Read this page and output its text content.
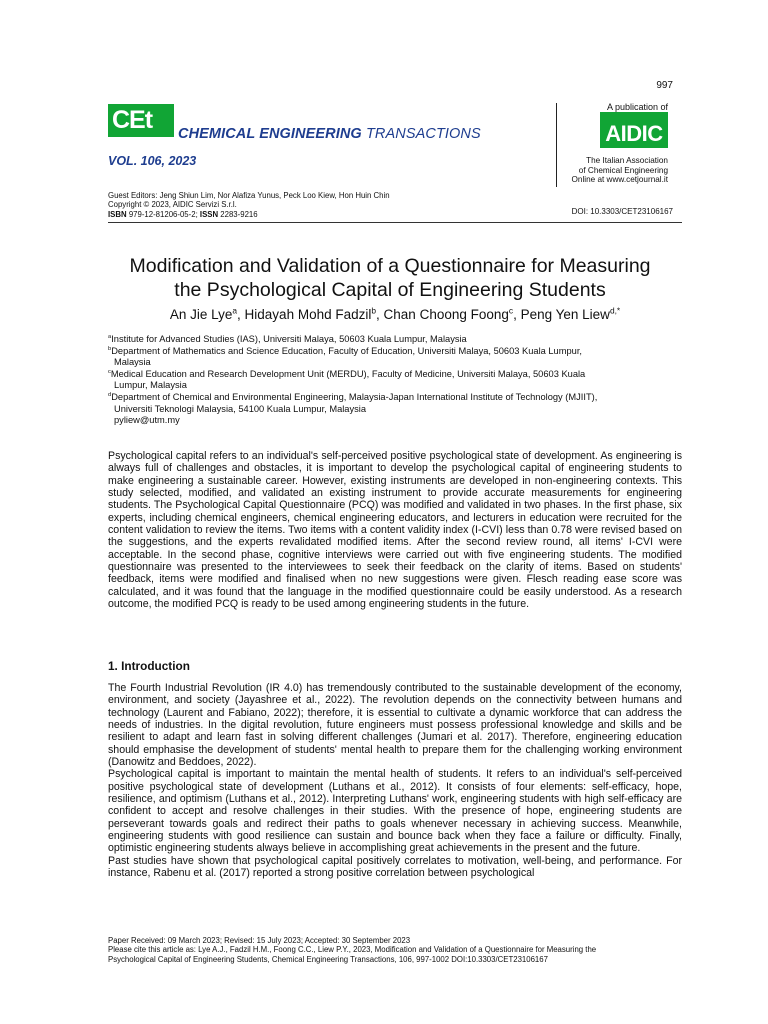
997
CEt	CHEMICAL ENGINEERING TRANSACTIONS
VOL. 106, 2023
A publication of
AIDIC
The Italian Association
of Chemical Engineering
Online at www.cetjournal.it
Guest Editors: Jeng Shiun Lim, Nor Alafiza Yunus, Peck Loo Kiew, Hon Huin Chin
Copyright © 2023, AIDIC Servizi S.r.l.
ISBN 979-12-81206-05-2; ISSN 2283-9216	DOI: 10.3303/CET23106167
Modification and Validation of a Questionnaire for Measuring
the Psychological Capital of Engineering Students
An Jie Lye$^a$, Hidayah Mohd Fadzil$^b$, Chan Choong Foong$^c$, Peng Yen Liew$^{d,*}$
$^a$Institute for Advanced Studies (IAS), Universiti Malaya, 50603 Kuala Lumpur, Malaysia
$^b$Department of Mathematics and Science Education, Faculty of Education, Universiti Malaya, 50603 Kuala Lumpur,
Malaysia
$^c$Medical Education and Research Development Unit (MERDU), Faculty of Medicine, Universiti Malaya, 50603 Kuala
Lumpur, Malaysia
$^d$Department of Chemical and Environmental Engineering, Malaysia-Japan International Institute of Technology (MJIIT),
Universiti Teknologi Malaysia, 54100 Kuala Lumpur, Malaysia
pyliew@utm.my
Psychological capital refers to an individual's self-perceived positive psychological state of development. As engineering is always full of challenges and obstacles, it is important to develop the psychological capital of engineering students to make engineering a sustainable career. However, existing instruments are developed in non-engineering contexts. This study selected, modified, and validated an existing instrument to provide accurate measurements for engineering students. The Psychological Capital Questionnaire (PCQ) was modified and validated in two phases. In the first phase, six experts, including chemical engineers, chemical engineering educators, and lecturers in education were recruited for the content validation to review the items. Two items with a content validity index (I-CVI) less than 0.78 were revised based on the suggestions, and the experts revalidated modified items. After the second review round, all items' I-CVI were acceptable. In the second phase, cognitive interviews were carried out with five engineering students. The modified questionnaire was presented to the interviewees to seek their feedback on the clarity of items. Based on students' feedback, items were modified and finalised when no new suggestions were given. Flesch reading ease score was calculated, and it was found that the language in the modified questionnaire could be easily understood. As a research outcome, the modified PCQ is ready to be used among engineering students in the future.
1. Introduction

The Fourth Industrial Revolution (IR 4.0) has tremendously contributed to the sustainable development of the economy, environment, and society (Jayashree et al., 2022). The revolution depends on the connectivity between humans and technology (Laurent and Fabiano, 2022); therefore, it is essential to cultivate a dynamic workforce that can address the needs of industries. In the digital revolution, future engineers must possess professional knowledge and skills and be resilient to adapt and learn fast in solving different challenges (Jumari et al. 2017). Therefore, engineering education should emphasise the development of students' mental health to prepare them for the challenging working environment (Danowitz and Beddoes, 2022).

Psychological capital is important to maintain the mental health of students. It refers to an individual's self-perceived positive psychological state of development (Luthans et al., 2012). It consists of four elements: self-efficacy, hope, resilience, and optimism (Luthans et al., 2012). Interpreting Luthans' work, engineering students with high self-efficacy are confident to accept and resolve challenges in their studies. With the presence of hope, engineering students are perseverant towards goals and redirect their paths to goals whenever necessary in achieving success. Meanwhile, engineering students with good resilience can sustain and bounce back when they face a failure or difficulty. Finally, optimistic engineering students always believe in accomplishing great achievements in the present and the future.

Past studies have shown that psychological capital positively correlates to motivation, well-being, and performance. For instance, Rabenu et al. (2017) reported a strong positive correlation between psychological

Paper Received: 09 March 2023; Revised: 15 July 2023; Accepted: 30 September 2023
Please cite this article as: Lye A.J., Fadzil H.M., Foong C.C., Liew P.Y., 2023, Modification and Validation of a Questionnaire for Measuring the
Psychological Capital of Engineering Students, Chemical Engineering Transactions, 106, 997-1002 DOI:10.3303/CET23106167
